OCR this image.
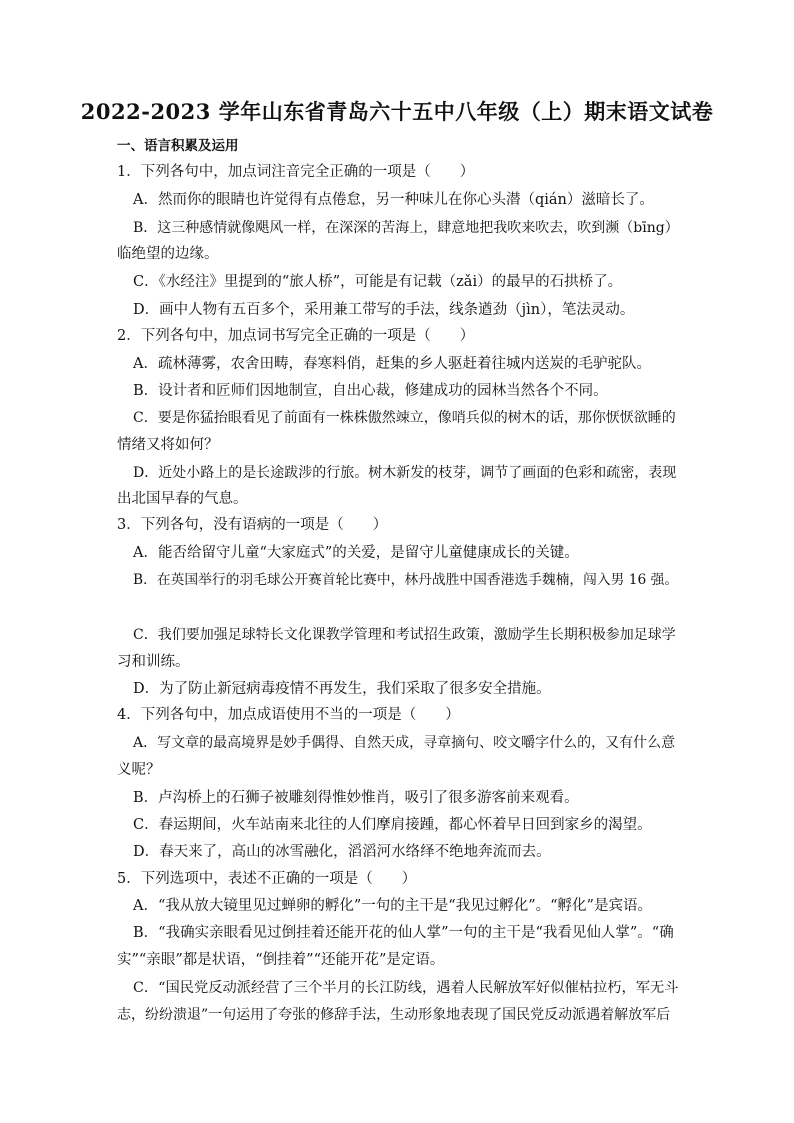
2022-2023 学年山东省青岛六十五中八年级（上）期末语文试卷
一、语言积累及运用
1．下列各句中，加点词注音完全正确的一项是（　　）
A．然而你的眼睛也许觉得有点倦怠，另一种味儿在你心头潜（qián）滋暗长了。
B．这三种感情就像飓风一样，在深深的苦海上，肆意地把我吹来吹去，吹到濒（bīng）
临绝望的边缘。
C．《水经注》里提到的“旅人桥”，可能是有记载（zǎi）的最早的石拱桥了。
D．画中人物有五百多个，采用兼工带写的手法，线条遒劲（jìn），笔法灵动。
2．下列各句中，加点词书写完全正确的一项是（　　）
A．疏林薄雾，农舍田畴，春寒料俏，赶集的乡人驱赶着往城内送炭的毛驴驼队。
B．设计者和匠师们因地制宣，自出心裁，修建成功的园林当然各个不同。
C．要是你猛抬眼看见了前面有一株株傲然竦立，像哨兵似的树木的话，那你恹恹欲睡的
情绪又将如何？
D．近处小路上的是长途跋涉的行旅。树木新发的枝芽，调节了画面的色彩和疏密，表现
出北国早春的气息。
3．下列各句，没有语病的一项是（　　）
A．能否给留守儿童“大家庭式”的关爱，是留守儿童健康成长的关键。
B．在英国举行的羽毛球公开赛首轮比赛中，林丹战胜中国香港选手魏楠，闯入男 16 强。
C．我们要加强足球特长文化课教学管理和考试招生政策，激励学生长期积极参加足球学
习和训练。
D．为了防止新冠病毒疫情不再发生，我们采取了很多安全措施。
4．下列各句中，加点成语使用不当的一项是（　　）
A．写文章的最高境界是妙手偶得、自然天成，寻章摘句、咬文嚼字什么的，又有什么意
义呢？
B．卢沟桥上的石狮子被雕刻得惟妙惟肖，吸引了很多游客前来观看。
C．春运期间，火车站南来北往的人们摩肩接踵，都心怀着早日回到家乡的渴望。
D．春天来了，高山的冰雪融化，滔滔河水络绎不绝地奔流而去。
5．下列选项中，表述不正确的一项是（　　）
A．“我从放大镜里见过蝉卵的孵化”一句的主干是“我见过孵化”。“孵化”是宾语。
B．“我确实亲眼看见过倒挂着还能开花的仙人掌”一句的主干是“我看见仙人掌”。“确
实”“亲眼”都是状语，“倒挂着”“还能开花”是定语。
C．“国民党反动派经营了三个半月的长江防线，遇着人民解放军好似催枯拉朽，军无斗
志，纷纷溃退”一句运用了夸张的修辞手法，生动形象地表现了国民党反动派遇着解放军后
